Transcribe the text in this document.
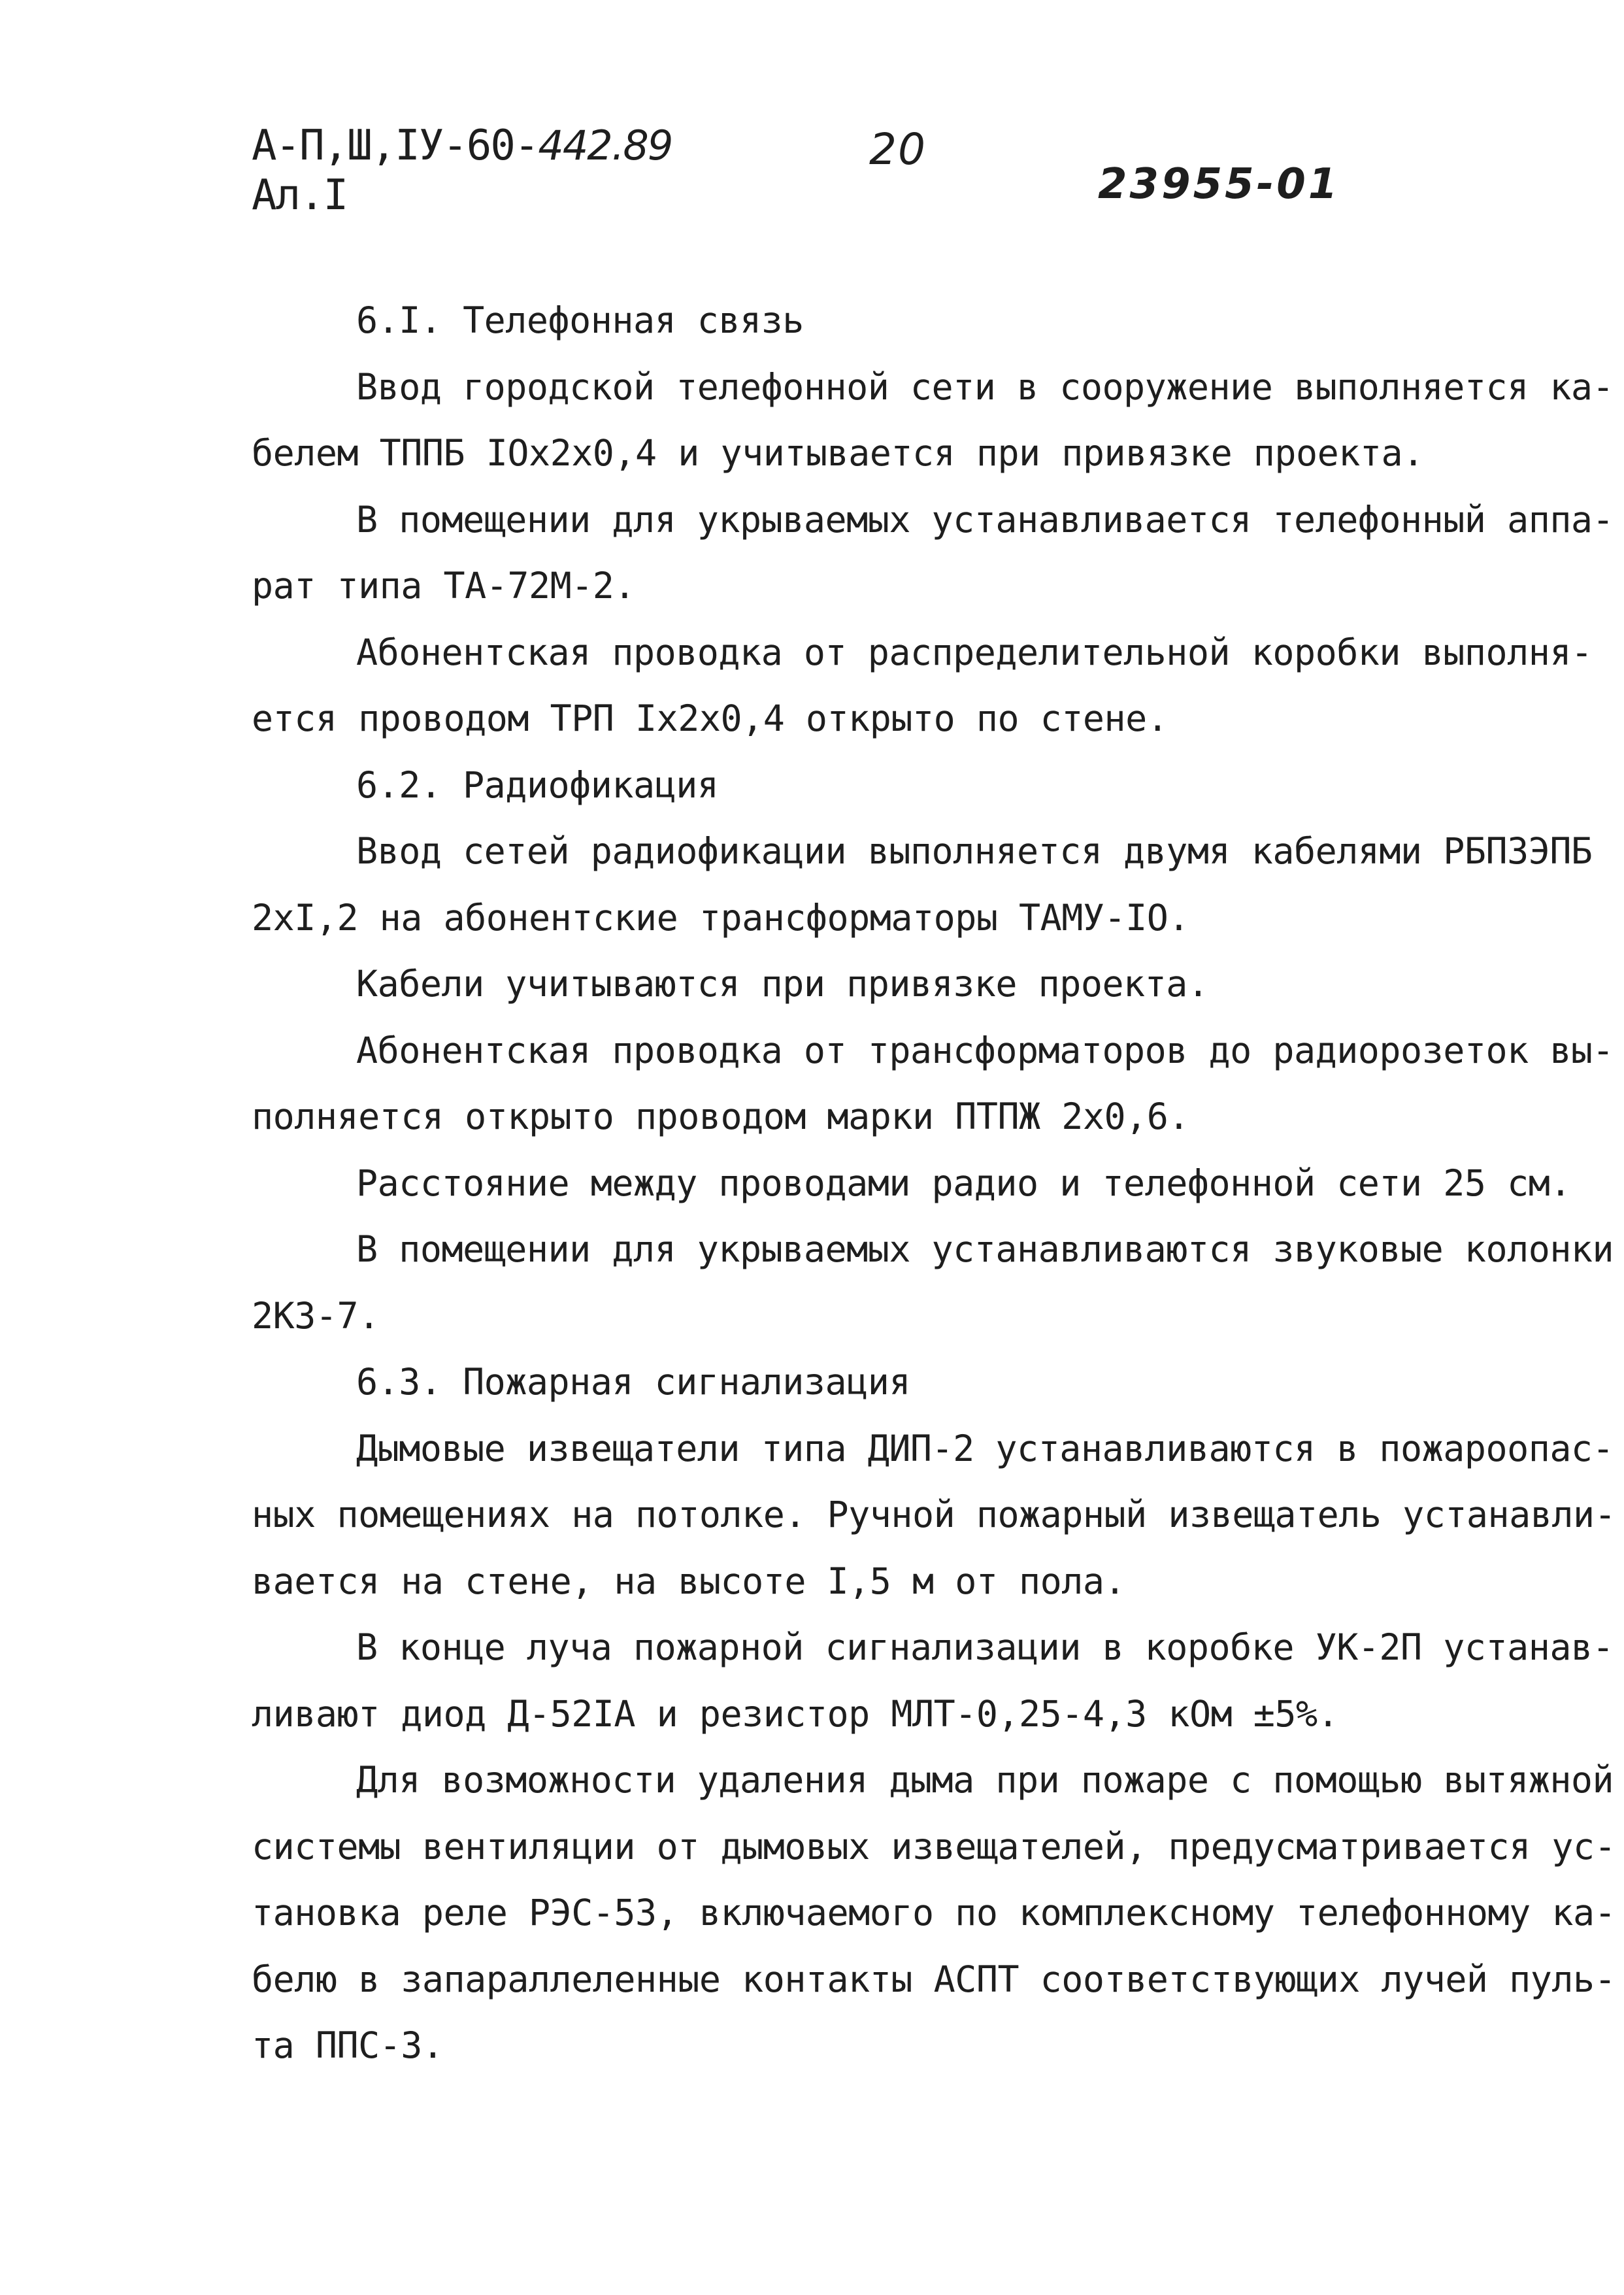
А-П,Ш,IУ-60-442.89
Ал.I
20
23955-01
6.I. Телефонная связь
Ввод городской телефонной сети в сооружение выполняется ка-
белем ТППБ IOx2x0,4 и учитывается при привязке проекта.
В помещении для укрываемых устанавливается телефонный аппа-
рат типа ТА-72М-2.
Абонентская проводка от распределительной коробки выполня-
ется проводом ТРП Ix2x0,4 открыто по стене.
6.2. Радиофикация
Ввод сетей радиофикации выполняется двумя кабелями РБПЗЭПБ
2xI,2 на абонентские трансформаторы ТАМУ-IO.
Кабели учитываются при привязке проекта.
Абонентская проводка от трансформаторов до радиорозеток вы-
полняется открыто проводом марки ПТПЖ 2x0,6.
Расстояние между проводами радио и телефонной сети 25 см.
В помещении для укрываемых устанавливаются звуковые колонки
2КЗ-7.
6.3. Пожарная сигнализация
Дымовые извещатели типа ДИП-2 устанавливаются в пожароопас-
ных помещениях на потолке. Ручной пожарный извещатель устанавли-
вается на стене, на высоте I,5 м от пола.
В конце луча пожарной сигнализации в коробке УК-2П устанав-
ливают диод Д-52IА и резистор МЛТ-0,25-4,3 кОм ±5%.
Для возможности удаления дыма при пожаре с помощью вытяжной
системы вентиляции от дымовых извещателей, предусматривается ус-
тановка реле РЭС-53, включаемого по комплексному телефонному ка-
белю в запараллеленные контакты АСПТ соответствующих лучей пуль-
та ППС-3.
